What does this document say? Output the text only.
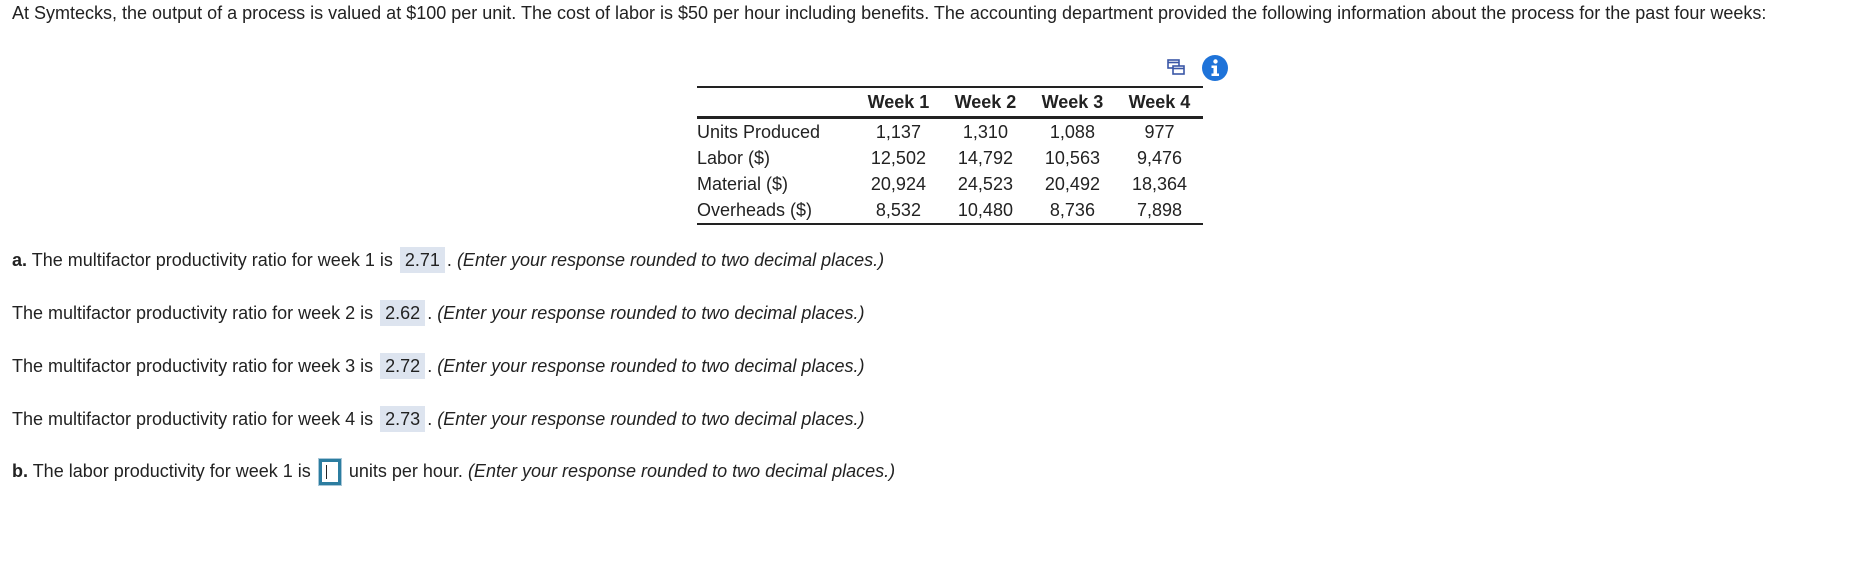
At Symtecks, the output of a process is valued at $100 per unit. The cost of labor is $50 per hour including benefits. The accounting department provided the following information about the process for the past four weeks:

	Week 1	Week 2	Week 3	Week 4
Units Produced	1,137	1,310	1,088	977
Labor ($)	12,502	14,792	10,563	9,476
Material ($)	20,924	24,523	20,492	18,364
Overheads ($)	8,532	10,480	8,736	7,898

a. The multifactor productivity ratio for week 1 is 2.71 . (Enter your response rounded to two decimal places.)

The multifactor productivity ratio for week 2 is 2.62 . (Enter your response rounded to two decimal places.)

The multifactor productivity ratio for week 3 is 2.72 . (Enter your response rounded to two decimal places.)

The multifactor productivity ratio for week 4 is 2.73 . (Enter your response rounded to two decimal places.)

b. The labor productivity for week 1 is units per hour. (Enter your response rounded to two decimal places.)
